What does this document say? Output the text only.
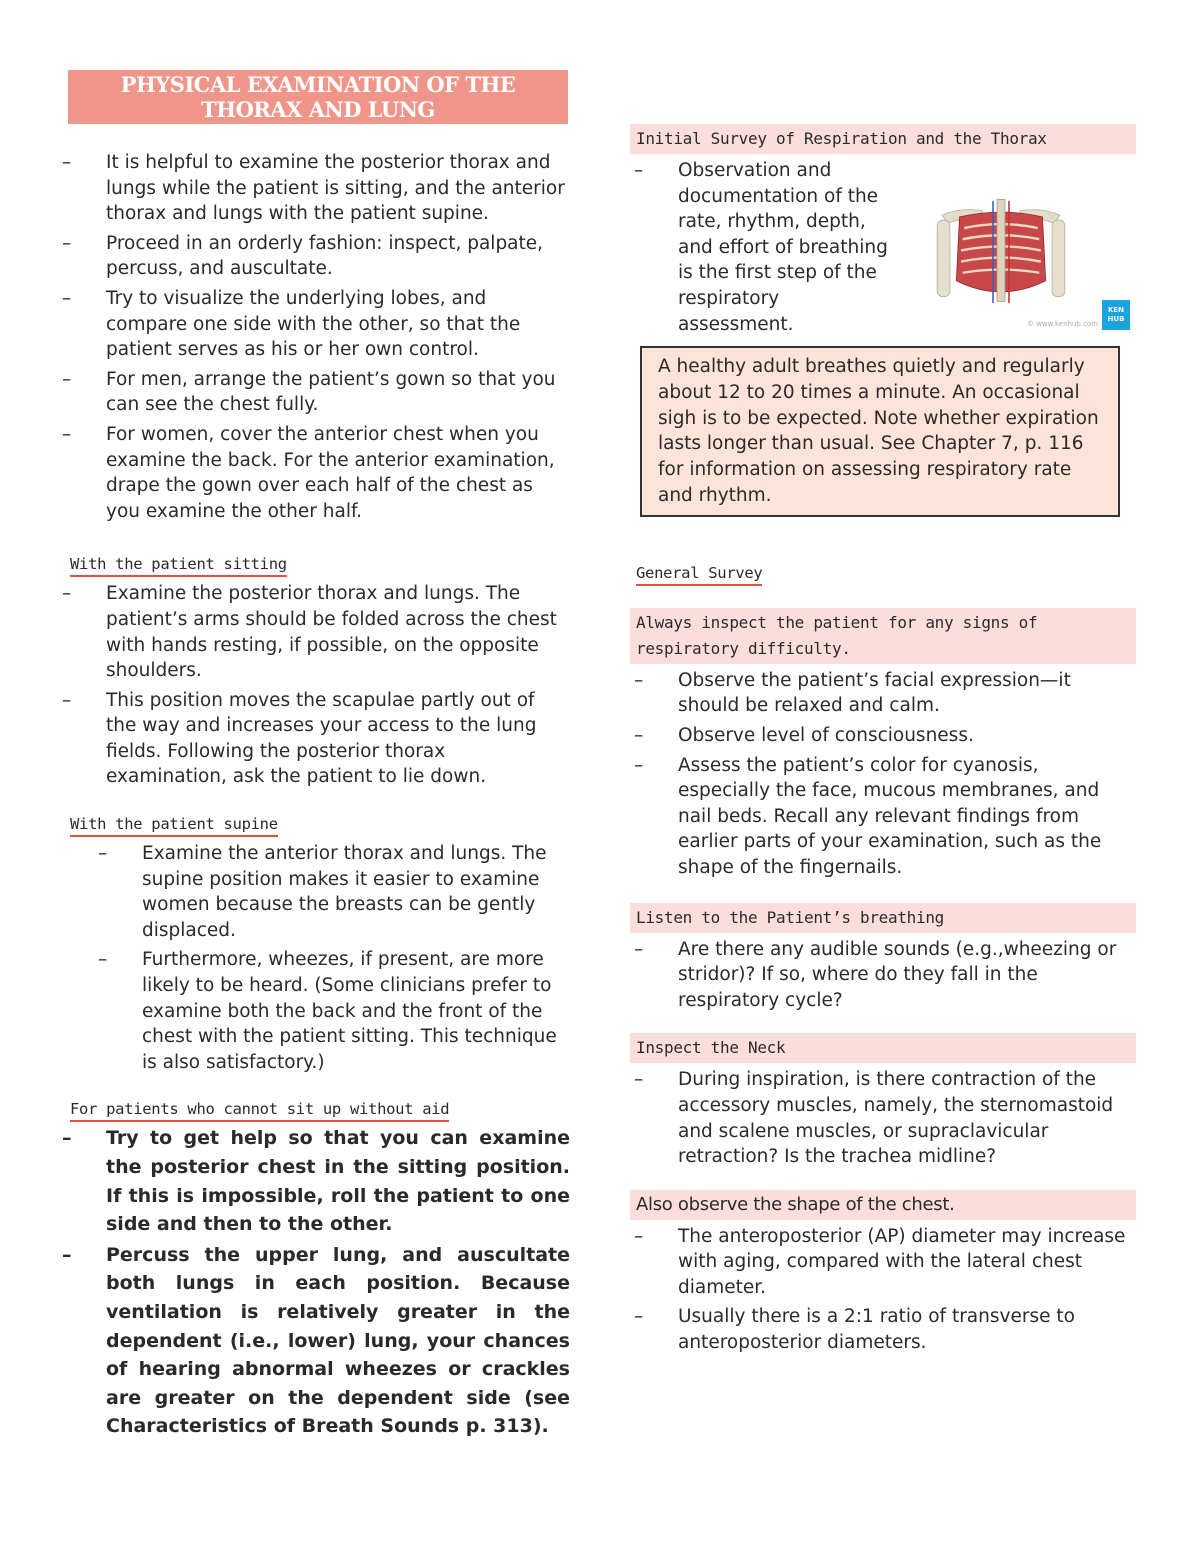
PHYSICAL EXAMINATION OF THE THORAX AND LUNG
– It is helpful to examine the posterior thorax and lungs while the patient is sitting, and the anterior thorax and lungs with the patient supine.
– Proceed in an orderly fashion: inspect, palpate, percuss, and auscultate.
– Try to visualize the underlying lobes, and compare one side with the other, so that the patient serves as his or her own control.
– For men, arrange the patient’s gown so that you can see the chest fully.
– For women, cover the anterior chest when you examine the back. For the anterior examination, drape the gown over each half of the chest as you examine the other half.
With the patient sitting
– Examine the posterior thorax and lungs. The patient’s arms should be folded across the chest with hands resting, if possible, on the opposite shoulders.
– This position moves the scapulae partly out of the way and increases your access to the lung fields. Following the posterior thorax examination, ask the patient to lie down.
With the patient supine
– Examine the anterior thorax and lungs. The supine position makes it easier to examine women because the breasts can be gently displaced.
– Furthermore, wheezes, if present, are more likely to be heard. (Some clinicians prefer to examine both the back and the front of the chest with the patient sitting. This technique is also satisfactory.)
For patients who cannot sit up without aid
– Try to get help so that you can examine the posterior chest in the sitting position. If this is impossible, roll the patient to one side and then to the other.
– Percuss the upper lung, and auscultate both lungs in each position. Because ventilation is relatively greater in the dependent (i.e., lower) lung, your chances of hearing abnormal wheezes or crackles are greater on the dependent side (see Characteristics of Breath Sounds p. 313).
Initial Survey of Respiration and the Thorax
– Observation and documentation of the rate, rhythm, depth, and effort of breathing is the first step of the respiratory assessment.
KEN HUB
© www.kenhub.com
A healthy adult breathes quietly and regularly about 12 to 20 times a minute. An occasional sigh is to be expected. Note whether expiration lasts longer than usual. See Chapter 7, p. 116 for information on assessing respiratory rate and rhythm.
General Survey
Always inspect the patient for any signs of respiratory difficulty.
– Observe the patient’s facial expression—it should be relaxed and calm.
– Observe level of consciousness.
– Assess the patient’s color for cyanosis, especially the face, mucous membranes, and nail beds. Recall any relevant findings from earlier parts of your examination, such as the shape of the fingernails.
Listen to the Patient’s breathing
– Are there any audible sounds (e.g.,wheezing or stridor)? If so, where do they fall in the respiratory cycle?
Inspect the Neck
– During inspiration, is there contraction of the accessory muscles, namely, the sternomastoid and scalene muscles, or supraclavicular retraction? Is the trachea midline?
Also observe the shape of the chest.
– The anteroposterior (AP) diameter may increase with aging, compared with the lateral chest diameter.
– Usually there is a 2:1 ratio of transverse to anteroposterior diameters.
